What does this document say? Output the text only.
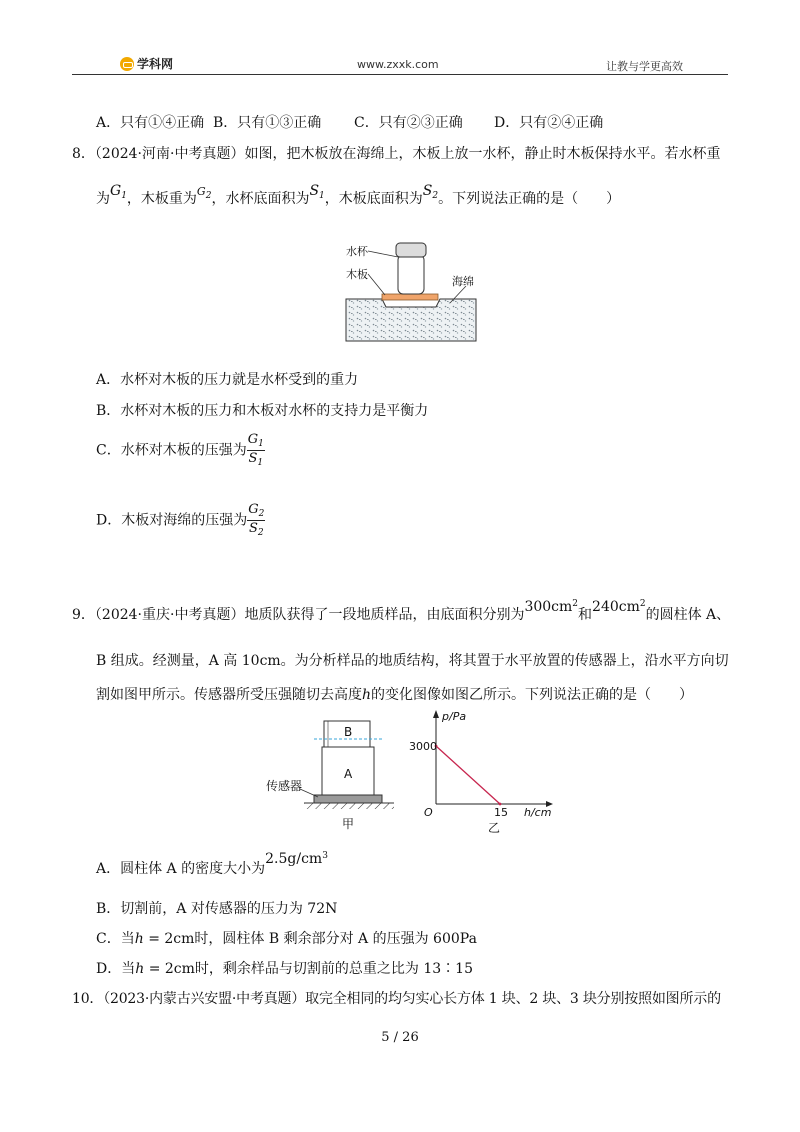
学科网	www.zxxk.com	让教与学更高效
A．只有①④正确 B．只有①③正确 C．只有②③正确 D．只有②④正确
8．（2024·河南·中考真题）如图，把木板放在海绵上，木板上放一水杯，静止时木板保持水平。若水杯重
为$G_1$，木板重为$^{G_2}$，水杯底面积为$S_1$，木板底面积为$S_2$。下列说法正确的是（　　）
水杯
木板
海绵
A．水杯对木板的压力就是水杯受到的重力
B．水杯对木板的压力和木板对水杯的支持力是平衡力
C．水杯对木板的压强为 $\frac{G_1}{S_1}$
D．木板对海绵的压强为 $\frac{G_2}{S_2}$
9．（2024·重庆·中考真题）地质队获得了一段地质样品，由底面积分别为$300cm^2$和$240cm^2$的圆柱体 A、
B 组成。经测量，A 高 10cm。为分析样品的地质结构，将其置于水平放置的传感器上，沿水平方向切
割如图甲所示。传感器所受压强随切去高度h的变化图像如图乙所示。下列说法正确的是（　　）
B
A
传感器
甲
p/Pa
3000
O	15 h/cm
乙
A．圆柱体 A 的密度大小为$2.5g/cm^3$
B．切割前，A 对传感器的压力为 72N
C．当h = 2cm时，圆柱体 B 剩余部分对 A 的压强为 600Pa
D．当h = 2cm时，剩余样品与切割前的总重之比为 13∶15
10．（2023·内蒙古兴安盟·中考真题）取完全相同的均匀实心长方体 1 块、2 块、3 块分别按照如图所示的
5 / 26
